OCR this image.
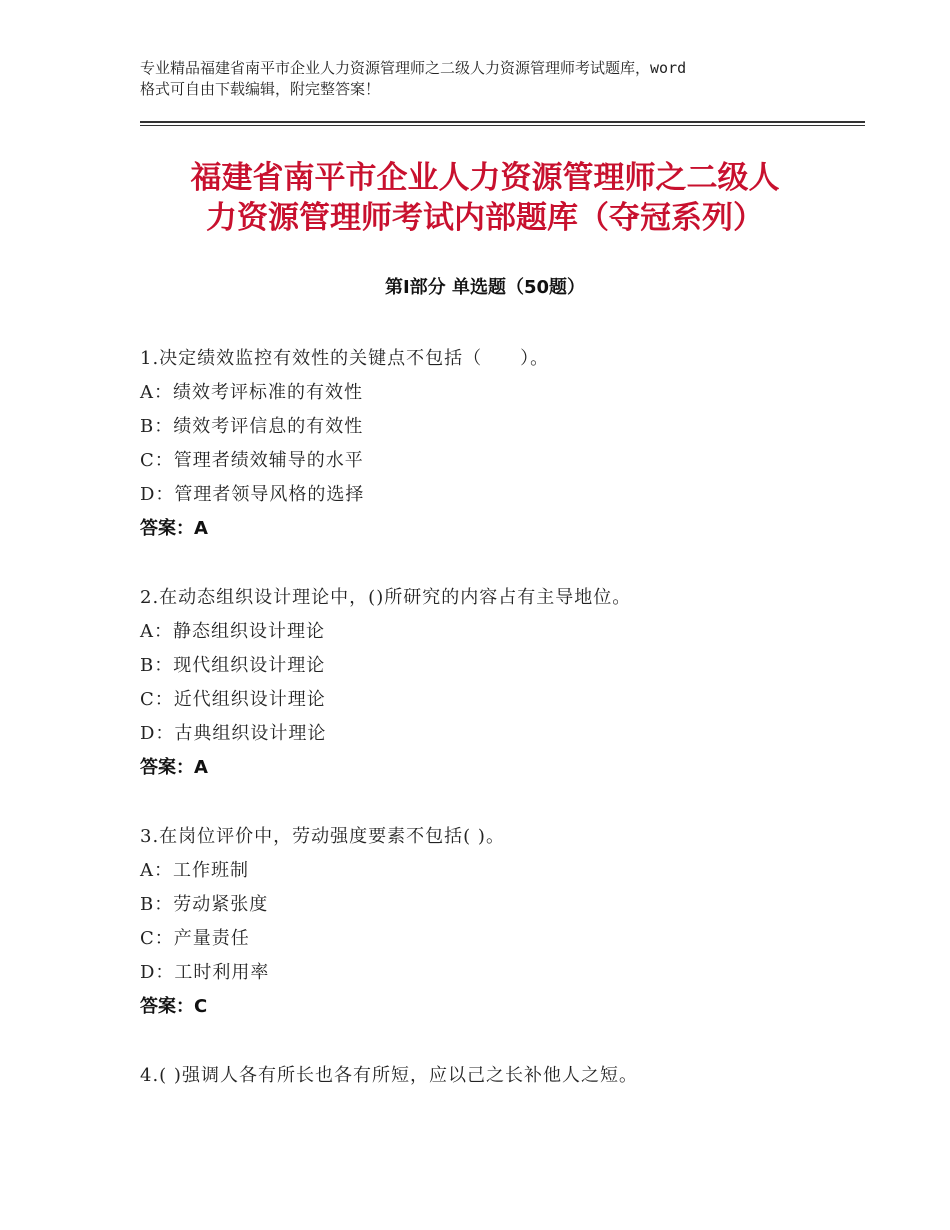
专业精品福建省南平市企业人力资源管理师之二级人力资源管理师考试题库，word
格式可自由下载编辑，附完整答案！
福建省南平市企业人力资源管理师之二级人
力资源管理师考试内部题库（夺冠系列）
第Ⅰ部分 单选题（50题）
1.决定绩效监控有效性的关键点不包括（　　）。
A：绩效考评标准的有效性
B：绩效考评信息的有效性
C：管理者绩效辅导的水平
D：管理者领导风格的选择
答案：A
2.在动态组织设计理论中，()所研究的内容占有主导地位。
A：静态组织设计理论
B：现代组织设计理论
C：近代组织设计理论
D：古典组织设计理论
答案：A
3.在岗位评价中，劳动强度要素不包括( )。
A：工作班制
B：劳动紧张度
C：产量责任
D：工时利用率
答案：C
4.( )强调人各有所长也各有所短，应以己之长补他人之短。
